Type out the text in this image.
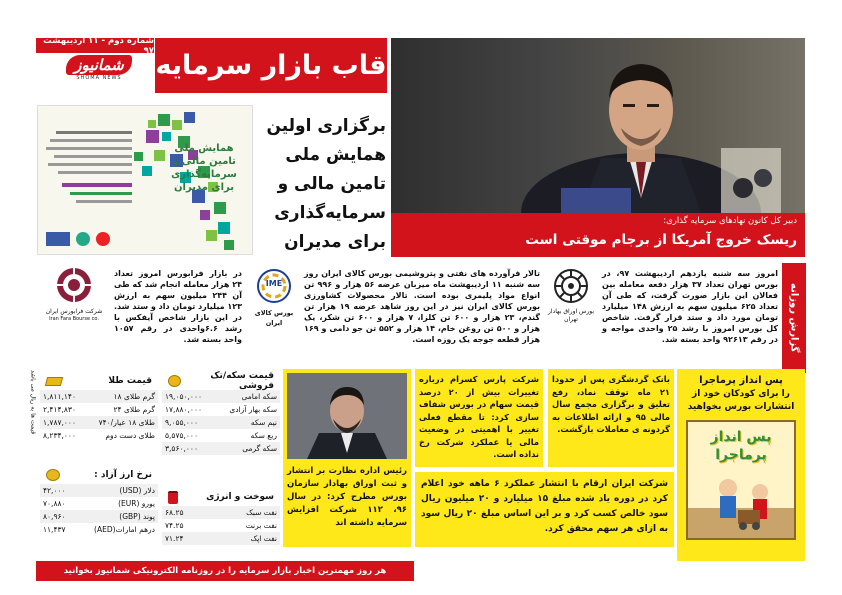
شماره دوم - ۱۱ اردیبهشت ۹۷
شمانیوز
SHOMA NEWS	قاب بازار سرمایه
همایش ملی تامین مالی و سرمایه‌گذاری برای مدیران
برگزاری اولین همایش ملی تامین مالی و سرمایه‌گذاری برای مدیران
دبیر کل کانون نهادهای سرمایه گذاری:
ریسک خروج آمریکا از برجام موقتی است
گزارش روزانه
امروز سه شنبه یازدهم اردیبهشت ۹۷، در بورس تهران تعداد ۳۷ هزار دفعه معامله بین فعالان این بازار صورت گرفت، که طی آن تعداد ۶۲۵ میلیون سهم به ارزش ۱۴۸ میلیارد تومان مورد داد و ستد قرار گرفت. شاخص کل بورس امروز با رشد ۲۵ واحدی مواجه و در رقم ۹۲۶۱۳ واحد بسته شد.
بورس اوراق بهادار تهران
تالار فرآورده های نفتی و پتروشیمی بورس کالای ایران روز سه شنبه ۱۱ اردیبهشت ماه میزبان عرضه ۵۶ هزار و ۹۹۶ تن انواع مواد پلیمری بوده است. تالار محصولات کشاورزی بورس کالای ایران نیز در این روز شاهد عرضه ۱۹ هزار تن گندم، ۲۳ هزار و ۶۰۰ تن کلزا، ۷ هزار و ۶۰۰ تن شکر، یک هزار و ۵۰۰ تن روغن خام، ۱۴ هزار و ۵۵۲ تن جو دامی و ۱۶۹ هزار قطعه جوجه یک روزه است.
IME
بورس کالای ایران
در بازار فرابورس امروز تعداد ۲۴ هزار معامله انجام شد که طی آن ۲۴۴ میلیون سهم به ارزش ۱۲۳ میلیارد تومان داد و ستد شد. در این بازار شاخص آیفکس با رشد ۶.۶واحدی در رقم ۱۰۵۷ واحد بسته شد.
شرکت فرابورس ایران
Iran Fara Bourse co.
قیمت ها به ریال می باشد	قیمت طلا
گرم طلای ۱۸	۱,۸۱۱,۱۴۰
گرم طلای ۲۴	۲,۴۱۴,۸۳۰
طلای ۱۸ عیار/۷۴۰	۱,۷۸۷,۰۰۰
طلای دست دوم	۸,۲۳۴,۰۰۰
نرخ ارز آزاد :
دلار (USD)	۴۲,۰۰۰
یورو (EUR)	۷۰,۸۸۰
پوند (GBP)	۸۰,۹۶۰
درهم امارات(AED)	۱۱,۴۳۷
قیمت سکه/تک فروشی
سکه امامی	۱۹,۰۵۰,۰۰۰
سکه بهار آزادی	۱۷,۸۸۰,۰۰۰
نیم سکه	۹,۰۵۵,۰۰۰
ربع سکه	۵,۵۷۵,۰۰۰
سکه گرمی	۳,۵۶۰,۰۰۰
سوخت و انرژی
نفت سبک	۶۸.۲۵
نفت برنت	۷۴.۲۵
نفت اپک	۷۱.۲۴
رئیس اداره نظارت بر انتشار و ثبت اوراق بهادار سازمان بورس مطرح کرد: در سال ۹۶، ۱۱۲ شرکت افزایش سرمایه داشته اند
شرکت پارس کسرام درباره تغییرات بیش از ۲۰ درصد قیمت سهام در بورس شفاف سازی کرد: تا مقطع فعلی تغییر با اهمیتی در وضعیت مالی یا عملکرد شرکت رخ نداده است.
بانک گردشگری پس از حدودا ۲۱ ماه توقف نماد، رفع تعلیق و برگزاری مجمع سال مالی ۹۵ و ارائه اطلاعات به گردونه ی معاملات بازگشت.
شرکت ایران ارقام با انتشار عملکرد ۶ ماهه خود اعلام کرد در دوره یاد شده مبلغ ۱۵ میلیارد و ۲۰ میلیون ریال سود خالص کسب کرد و بر این اساس مبلغ ۲۰ ریال سود به ازای هر سهم محقق کرد.
پس انداز پرماجرا
را برای کودکان خود از انتشارات بورس بخواهید
پس انداز پرماجرا
هر روز مهمترین اخبار بازار سرمایه را در روزنامه الکترونیکی شمانیوز بخوانید
